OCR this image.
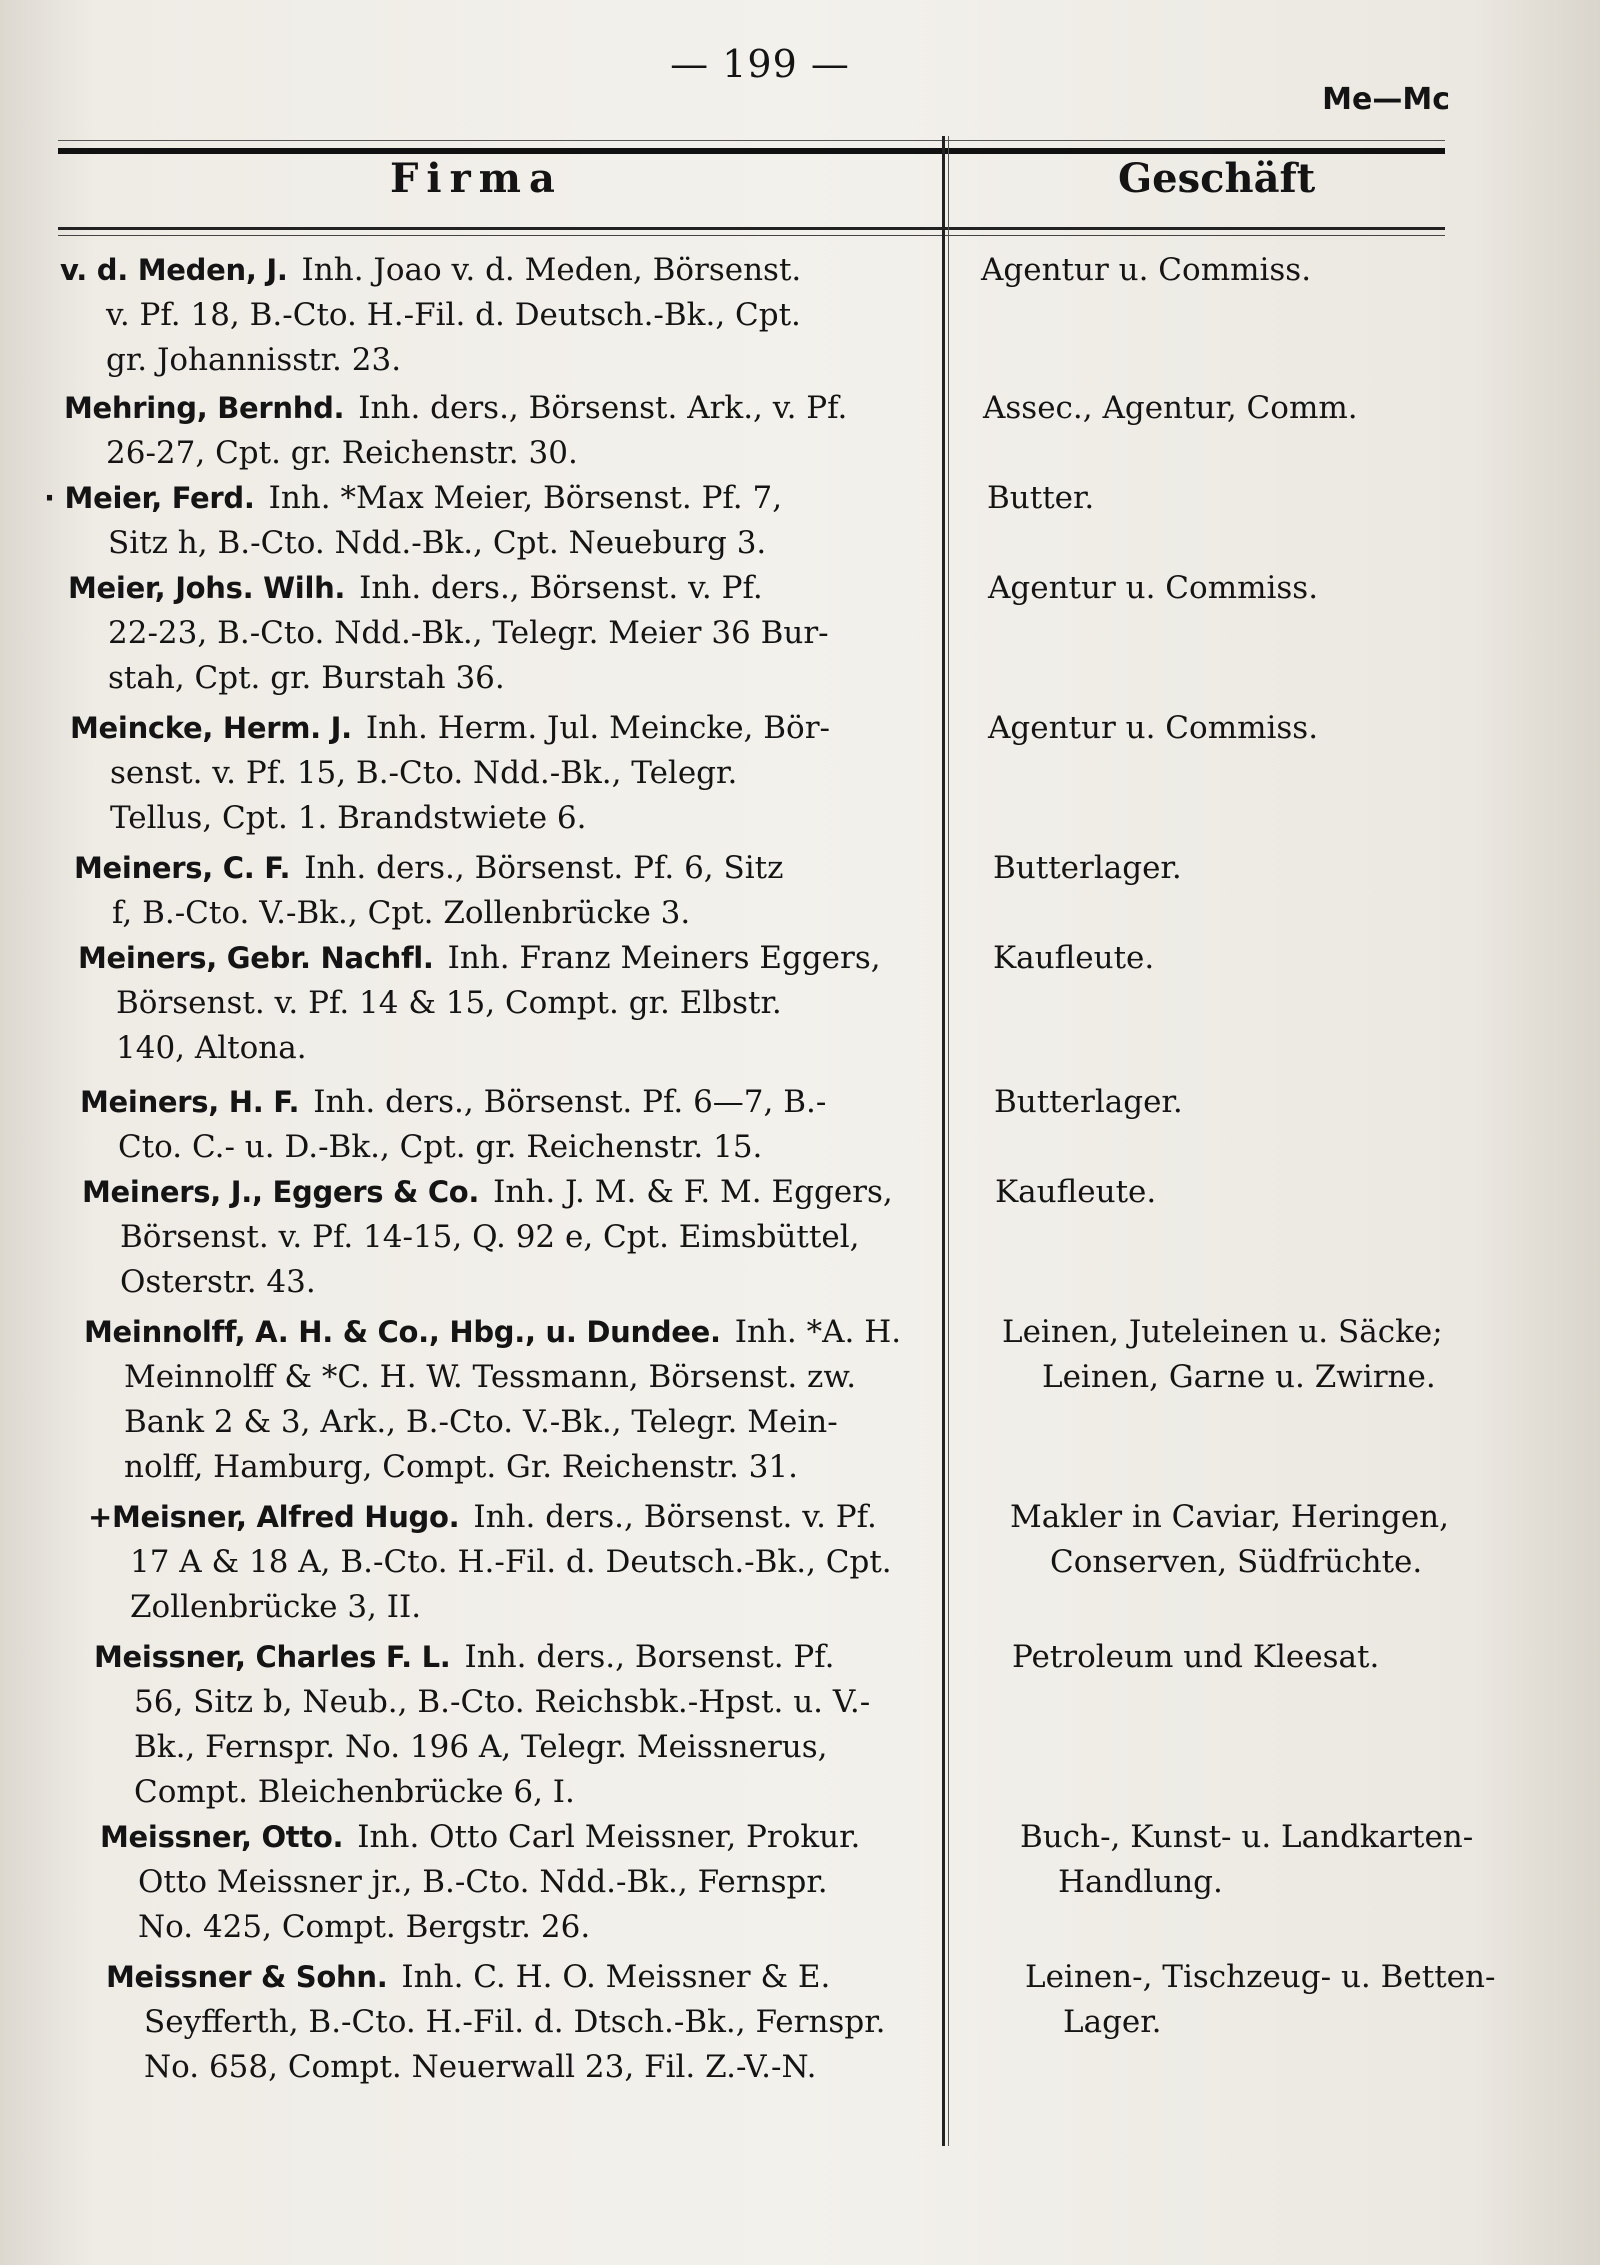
— 199 —
Me—Mc
Firma	Geschäft
v. d. Meden, J. Inh. Joao v. d. Meden, Börsenst.
v. Pf. 18, B.-Cto. H.-Fil. d. Deutsch.-Bk., Cpt.
gr. Johannisstr. 23.
Agentur u. Commiss.
Mehring, Bernhd. Inh. ders., Börsenst. Ark., v. Pf.
26-27, Cpt. gr. Reichenstr. 30.
Assec., Agentur, Comm.
· Meier, Ferd. Inh. *Max Meier, Börsenst. Pf. 7,
Sitz h, B.-Cto. Ndd.-Bk., Cpt. Neueburg 3.
Butter.
Meier, Johs. Wilh. Inh. ders., Börsenst. v. Pf.
22-23, B.-Cto. Ndd.-Bk., Telegr. Meier 36 Bur-
stah, Cpt. gr. Burstah 36.
Agentur u. Commiss.
Meincke, Herm. J. Inh. Herm. Jul. Meincke, Bör-
senst. v. Pf. 15, B.-Cto. Ndd.-Bk., Telegr.
Tellus, Cpt. 1. Brandstwiete 6.
Agentur u. Commiss.
Meiners, C. F. Inh. ders., Börsenst. Pf. 6, Sitz
f, B.-Cto. V.-Bk., Cpt. Zollenbrücke 3.
Butterlager.
Meiners, Gebr. Nachfl. Inh. Franz Meiners Eggers,
Börsenst. v. Pf. 14 & 15, Compt. gr. Elbstr.
140, Altona.
Kaufleute.
Meiners, H. F. Inh. ders., Börsenst. Pf. 6—7, B.-
Cto. C.- u. D.-Bk., Cpt. gr. Reichenstr. 15.
Butterlager.
Meiners, J., Eggers & Co. Inh. J. M. & F. M. Eggers,
Börsenst. v. Pf. 14-15, Q. 92 e, Cpt. Eimsbüttel,
Osterstr. 43.
Kaufleute.
Meinnolff, A. H. & Co., Hbg., u. Dundee. Inh. *A. H.
Meinnolff & *C. H. W. Tessmann, Börsenst. zw.
Bank 2 & 3, Ark., B.-Cto. V.-Bk., Telegr. Mein-
nolff, Hamburg, Compt. Gr. Reichenstr. 31.
Leinen, Juteleinen u. Säcke;
Leinen, Garne u. Zwirne.
+Meisner, Alfred Hugo. Inh. ders., Börsenst. v. Pf.
17 A & 18 A, B.-Cto. H.-Fil. d. Deutsch.-Bk., Cpt.
Zollenbrücke 3, II.
Makler in Caviar, Heringen,
Conserven, Südfrüchte.
Meissner, Charles F. L. Inh. ders., Borsenst. Pf.
56, Sitz b, Neub., B.-Cto. Reichsbk.-Hpst. u. V.-
Bk., Fernspr. No. 196 A, Telegr. Meissnerus,
Compt. Bleichenbrücke 6, I.
Petroleum und Kleesat.
Meissner, Otto. Inh. Otto Carl Meissner, Prokur.
Otto Meissner jr., B.-Cto. Ndd.-Bk., Fernspr.
No. 425, Compt. Bergstr. 26.
Buch-, Kunst- u. Landkarten-
Handlung.
Meissner & Sohn. Inh. C. H. O. Meissner & E.
Seyfferth, B.-Cto. H.-Fil. d. Dtsch.-Bk., Fernspr.
No. 658, Compt. Neuerwall 23, Fil. Z.-V.-N.
Leinen-, Tischzeug- u. Betten-
Lager.
